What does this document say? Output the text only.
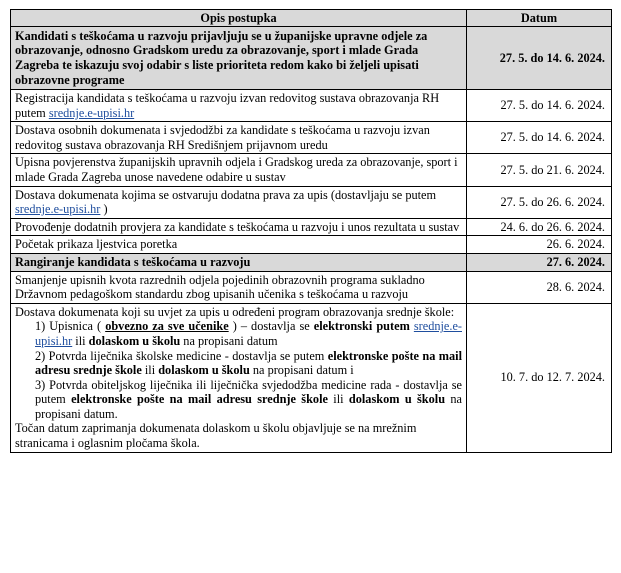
Opis postupka	Datum
Kandidati s teškoćama u razvoju prijavljuju se u županijske upravne odjele za obrazovanje, odnosno Gradskom uredu za obrazovanje, sport i mlade Grada Zagreba te iskazuju svoj odabir s liste prioriteta redom kako bi željeli upisati obrazovne programe	27. 5. do 14. 6. 2024.
Registracija kandidata s teškoćama u razvoju izvan redovitog sustava obrazovanja RH putem srednje.e-upisi.hr	27. 5. do 14. 6. 2024.
Dostava osobnih dokumenata i svjedodžbi za kandidate s teškoćama u razvoju izvan redovitog sustava obrazovanja RH Središnjem prijavnom uredu	27. 5. do 14. 6. 2024.
Upisna povjerenstva županijskih upravnih odjela i Gradskog ureda za obrazovanje, sport i mlade Grada Zagreba unose navedene odabire u sustav	27. 5. do 21. 6. 2024.
Dostava dokumenata kojima se ostvaruju dodatna prava za upis (dostavljaju se putem srednje.e-upisi.hr )	27. 5. do 26. 6. 2024.
Provođenje dodatnih provjera za kandidate s teškoćama u razvoju i unos rezultata u sustav	24. 6. do 26. 6. 2024.
Početak prikaza ljestvica poretka	26. 6. 2024.
Rangiranje kandidata s teškoćama u razvoju	27. 6. 2024.
Smanjenje upisnih kvota razrednih odjela pojedinih obrazovnih programa sukladno Državnom pedagoškom standardu zbog upisanih učenika s teškoćama u razvoju	28. 6. 2024.

Dostava dokumenata koji su uvjet za upis u određeni program obrazovanja srednje škole:
1) Upisnica ( obvezno za sve učenike ) – dostavlja se elektronski putem srednje.e-upisi.hr ili dolaskom u školu na propisani datum
2) Potvrda liječnika školske medicine - dostavlja se putem elektronske pošte na mail adresu srednje škole ili dolaskom u školu na propisani datum i
3) Potvrda obiteljskog liječnika ili liječnička svjedodžba medicine rada - dostavlja se putem elektronske pošte na mail adresu srednje škole ili dolaskom u školu na propisani datum.
Točan datum zaprimanja dokumenata dolaskom u školu objavljuje se na mrežnim stranicama i oglasnim pločama škola.	10. 7. do 12. 7. 2024.
